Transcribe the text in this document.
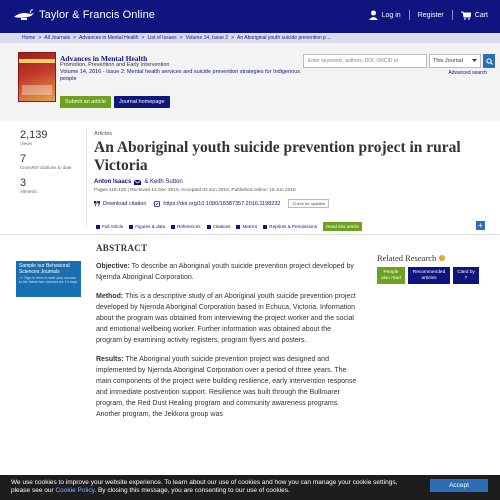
Taylor & Francis Online	Log in Register	Cart
Home > All Journals > Advances in Mental Health > List of Issues > Volume 14, Issue 2 > An Aboriginal youth suicide prevention p ...
Advances in Mental Health
Promotion, Prevention and Early Intervention
Volume 14, 2016 - Issue 2: Mental health services and suicide prevention strategies for Indigenous people
Submit an article	Journal homepage
Enter keywords, authors, DOI, ORCID et	This Journal
Advanced search
2,139
Views
7
CrossRef citations to date
3
Altmetric
Articles
An Aboriginal youth suicide prevention project in rural Victoria
Anton Isaacs & Keith Sutton
Pages 118-125 | Received 14 Dec 2015, Accepted 02 Jun 2016, Published online: 16 Jun 2016
Download citation	https://doi.org/10.1080/18387357.2016.1198232	Check for updates
Full Article	Figures & data	References	Citations	Metrics	Reprints & Permissions	Read this article	+
Sample our Behavioral Sciences Journals
>> Sign in here to start your access to the latest two volumes for 14 days
ABSTRACT

Objective: To describe an Aboriginal youth suicide prevention project developed by Njernda Aboriginal Corporation.

Method: This is a descriptive study of an Aboriginal youth suicide prevention project developed by Njernda Aboriginal Corporation based in Echuca, Victoria. Information about the program was obtained from interviewing the project worker and the social and emotional wellbeing worker. Further information was obtained about the program by examining activity registers, program flyers and posters.

Results: The Aboriginal youth suicide prevention project was designed and implemented by Njernda Aboriginal Corporation over a period of three years. The main components of the project were building resilience, early intervention response and immediate postvention support. Resilience was built through the Bullroarer program, the Red Dust Healing program and community awareness programs. Another program, the Jekkora group was

Related Research	i
People also read
Recommended articles
Cited by 7
We use cookies to improve your website experience. To learn about our use of cookies and how you can manage your cookie settings,
please see our Cookie Policy. By closing this message, you are consenting to our use of cookies.
Accept
